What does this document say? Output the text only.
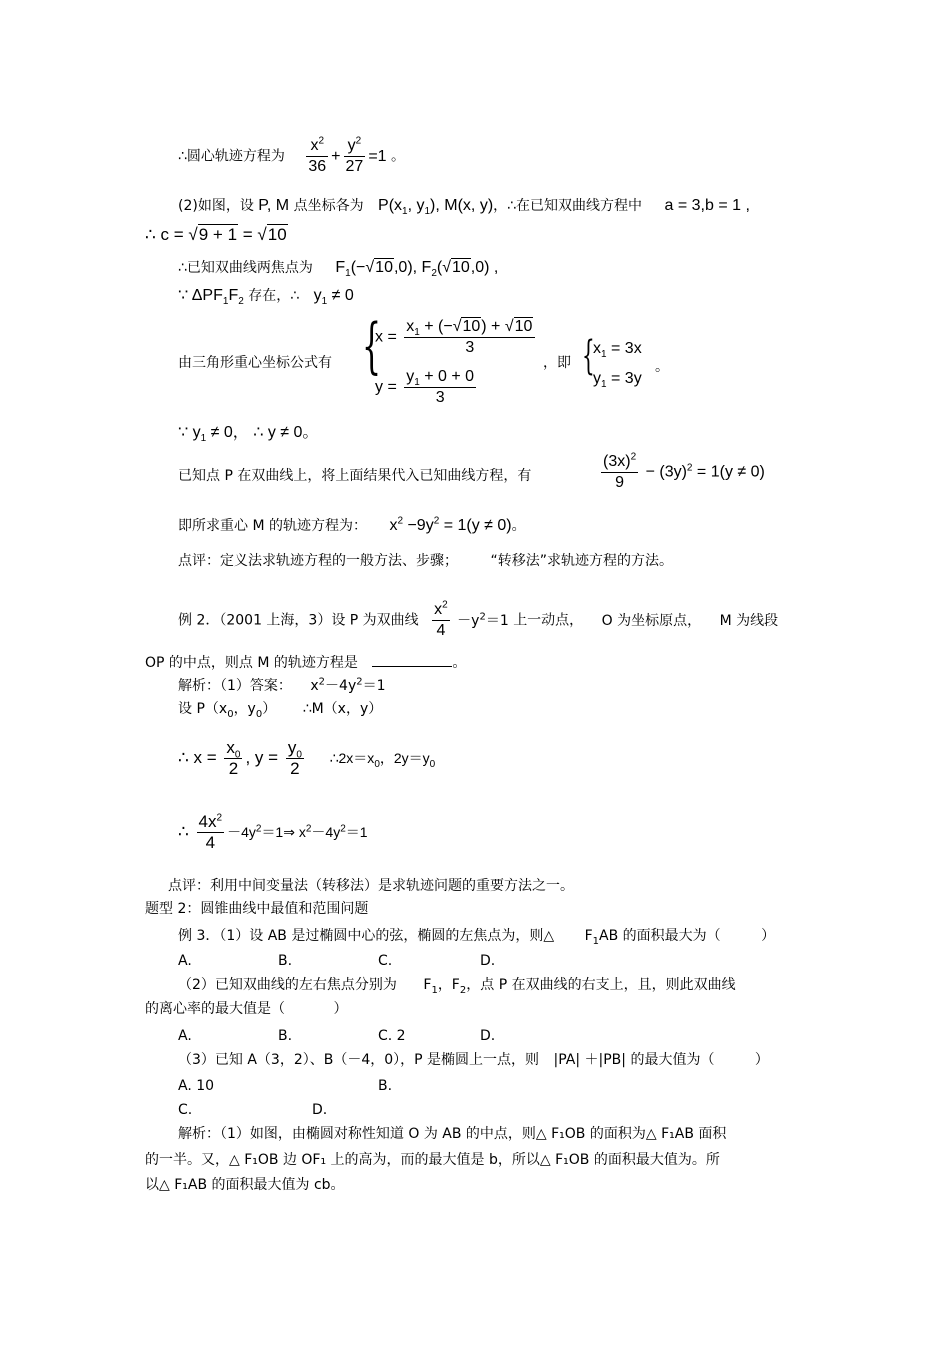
∴圆心轨迹方程为 $\frac{x^2}{36} + \frac{y^2}{27} =1$ 。
(2)如图，设 P, M 点坐标各为 $P(x_1$, $y_1$), M(x, y)，∴在已知双曲线方程中 a = 3,b = 1 ,
∴ c = √9 + 1 = √10
∴已知双曲线两焦点为 $F_1(-√10,0)$, $F_2(√10,0)$ ,
∵ $\Delta PF_1F_2$ 存在，∴ $y_1 \ne 0$
{
$x = \frac{x_1 + (-√10) + √10}{3}$
$y = \frac{y_1 + 0 + 0}{3}$
由三角形重心坐标公式有	，即 {
$x_1 = 3x$
$y_1 = 3y$
。
∵ $y_1 \ne 0$， ∴ y ≠ 0。
已知点 P 在双曲线上，将上面结果代入已知曲线方程，有	$\frac{(3x)^2}{9} - (3y)^2 = 1(y \ne 0)$
即所求重心 M 的轨迹方程为： $x^2 -9y^2 = 1(y \ne 0)$。
点评：定义法求轨迹方程的一般方法、步骤； “转移法”求轨迹方程的方法。
例 2．（2001 上海，3）设 P 为双曲线 $\frac{x^2}{4} -y^2=1$ 上一动点， O 为坐标原点， M 为线段
OP 的中点，则点 M 的轨迹方程是	。
解析：（1）答案： $x^2-4y^2=1$
设 $P(x_0$，$y_0$） ∴M（x，y）
∴ $x = \frac{x_0}{2}$ , $y = \frac{y_0}{2}$ $\therefore 2x=x_0$，$2y=y_0$
∴ $\frac{4x^2}{4}$ $-4y^2=1\Rightarrow$ $x^2-4y^2=1$
点评：利用中间变量法（转移法）是求轨迹问题的重要方法之一。
题型 2：圆锥曲线中最值和范围问题
例 3．（1）设 AB 是过椭圆中心的弦，椭圆的左焦点为，则△ $F_1AB$ 的面积最大为（	）
A.	B.	C.	D.
（2）已知双曲线的左右焦点分别为 $F_1$，$F_2$，点 P 在双曲线的右支上，且，则此双曲线
的离心率的最大值是（	）
A.	B.	C. 2	D.
（3）已知 A（3，2）、B（－4，0），P 是椭圆上一点，则 |PA| ＋|PB| 的最大值为（	）
A. 10	B.
C.	D.
解析：（1）如图，由椭圆对称性知道 O 为 AB 的中点，则△ F₁OB 的面积为△ F₁AB 面积
的一半。又，△ F₁OB 边 OF₁ 上的高为，而的最大值是 b，所以△ F₁OB 的面积最大值为。所
以△ F₁AB 的面积最大值为 cb。
